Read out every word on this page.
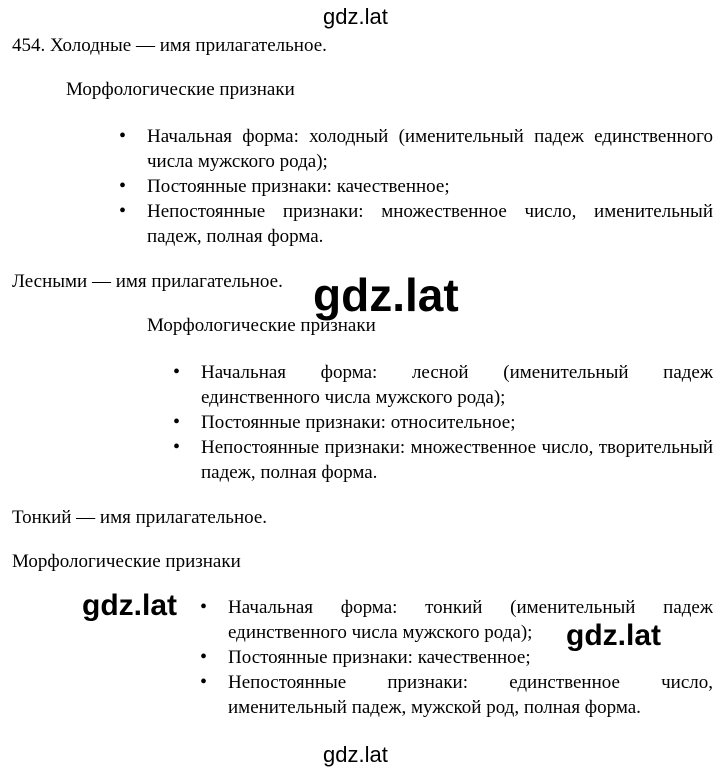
gdz.lat
454. Холодные — имя прилагательное.
Морфологические признаки
• Начальная форма: холодный (именительный падеж единственного числа мужского рода);
• Постоянные признаки: качественное;
• Непостоянные признаки: множественное число, именительный падеж, полная форма.
Лесными — имя прилагательное. gdz.lat
Морфологические признаки
• Начальная форма: лесной (именительный падеж единственного числа мужского рода);
• Постоянные признаки: относительное;
• Непостоянные признаки: множественное число, творительный падеж, полная форма.
Тонкий — имя прилагательное.
Морфологические признаки
• Начальная форма: тонкий (именительный падеж единственного числа мужского рода);
• Постоянные признаки: качественное;
• Непостоянные признаки: единственное число, именительный падеж, мужской род, полная форма.
gdz.lat
gdz.lat
gdz.lat
